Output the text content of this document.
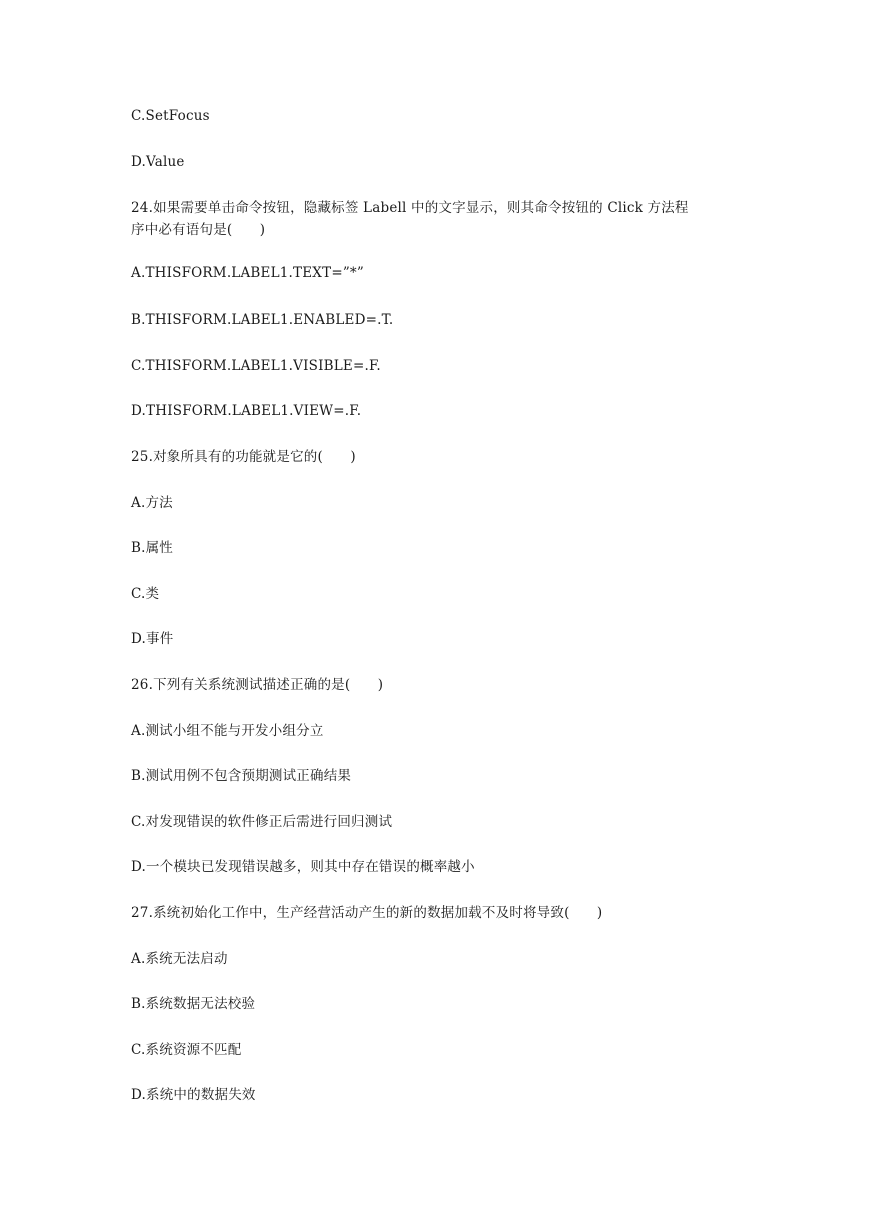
C.SetFocus
D.Value
24.如果需要单击命令按钮，隐藏标签 Labell 中的文字显示，则其命令按钮的 Click 方法程
序中必有语句是(　　)
A.THISFORM.LABEL1.TEXT=”*”
B.THISFORM.LABEL1.ENABLED=.T.
C.THISFORM.LABEL1.VISIBLE=.F.
D.THISFORM.LABEL1.VIEW=.F.
25.对象所具有的功能就是它的(　　)
A.方法
B.属性
C.类
D.事件
26.下列有关系统测试描述正确的是(　　)
A.测试小组不能与开发小组分立
B.测试用例不包含预期测试正确结果
C.对发现错误的软件修正后需进行回归测试
D.一个模块已发现错误越多，则其中存在错误的概率越小
27.系统初始化工作中，生产经营活动产生的新的数据加载不及时将导致(　　)
A.系统无法启动
B.系统数据无法校验
C.系统资源不匹配
D.系统中的数据失效
